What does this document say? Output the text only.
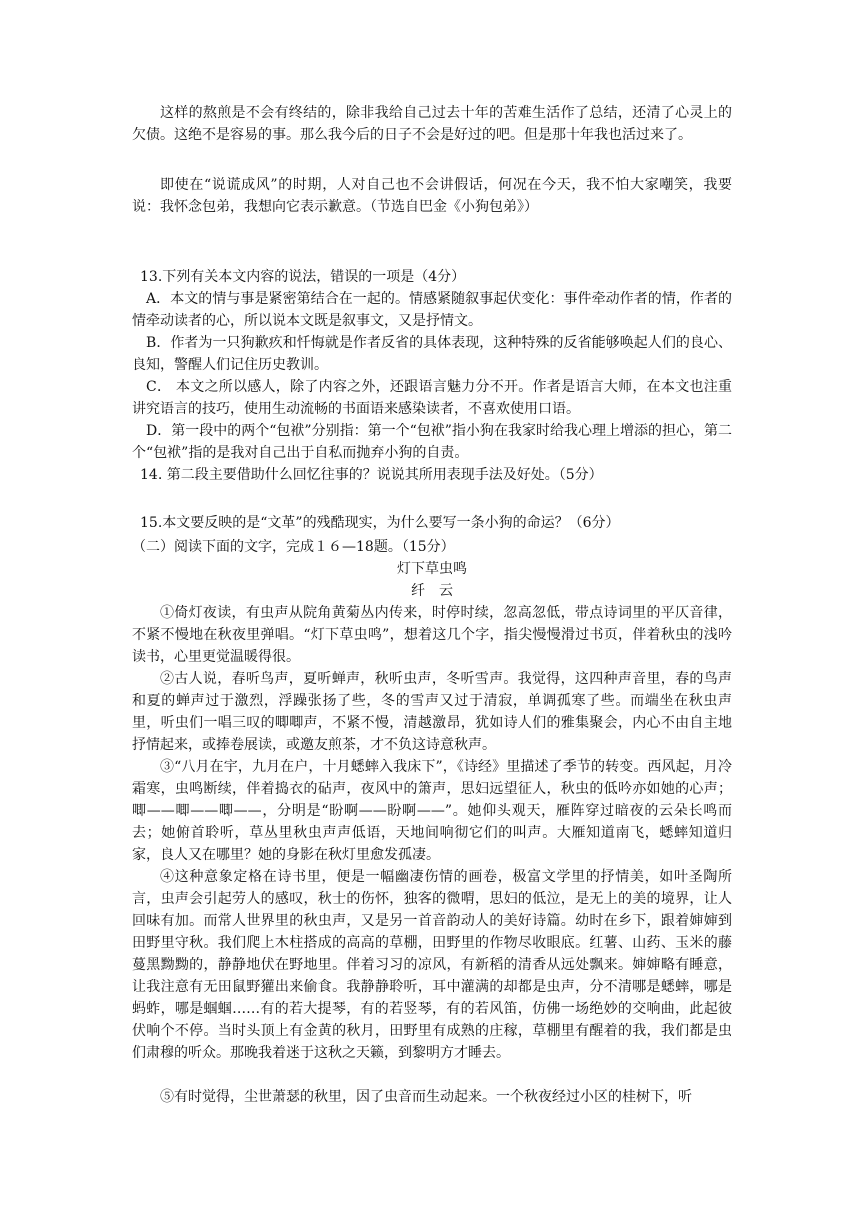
这样的熬煎是不会有终结的，除非我给自己过去十年的苦难生活作了总结，还清了心灵上的欠债。这绝不是容易的事。那么我今后的日子不会是好过的吧。但是那十年我也活过来了。

即使在“说谎成风”的时期，人对自己也不会讲假话，何况在今天，我不怕大家嘲笑，我要说：我怀念包弟，我想向它表示歉意。（节选自巴金《小狗包弟》）

13.下列有关本文内容的说法，错误的一项是（4分）

A．本文的情与事是紧密第结合在一起的。情感紧随叙事起伏变化：事件牵动作者的情，作者的情牵动读者的心，所以说本文既是叙事文，又是抒情文。

B．作者为一只狗歉疚和忏悔就是作者反省的具体表现，这种特殊的反省能够唤起人们的良心、良知，警醒人们记住历史教训。

C． 本文之所以感人，除了内容之外，还跟语言魅力分不开。作者是语言大师，在本文也注重讲究语言的技巧，使用生动流畅的书面语来感染读者，不喜欢使用口语。

D．第一段中的两个“包袱”分别指：第一个“包袱”指小狗在我家时给我心理上增添的担心，第二个“包袱”指的是我对自己出于自私而抛弃小狗的自责。

14. 第二段主要借助什么回忆往事的？说说其所用表现手法及好处。（5分）

15.本文要反映的是“文革”的残酷现实，为什么要写一条小狗的命运？（6分）

（二）阅读下面的文字，完成１６—18题。（15分）

灯下草虫鸣

纤　云

①倚灯夜读，有虫声从院角黄菊丛内传来，时停时续，忽高忽低，带点诗词里的平仄音律，不紧不慢地在秋夜里弹唱。“灯下草虫鸣”，想着这几个字，指尖慢慢滑过书页，伴着秋虫的浅吟读书，心里更觉温暖得很。

②古人说，春听鸟声，夏听蝉声，秋听虫声，冬听雪声。我觉得，这四种声音里，春的鸟声和夏的蝉声过于激烈，浮躁张扬了些，冬的雪声又过于清寂，单调孤寒了些。而端坐在秋虫声里，听虫们一唱三叹的唧唧声，不紧不慢，清越激昂，犹如诗人们的雅集聚会，内心不由自主地抒情起来，或捧卷展读，或邀友煎茶，才不负这诗意秋声。

③“八月在宇，九月在户，十月蟋蟀入我床下”，《诗经》里描述了季节的转变。西风起，月冷霜寒，虫鸣断续，伴着捣衣的砧声，夜风中的箫声，思妇远望征人，秋虫的低吟亦如她的心声；唧——唧——唧——，分明是“盼啊——盼啊——”。她仰头观天，雁阵穿过暗夜的云朵长鸣而去；她俯首聆听，草丛里秋虫声声低语，天地间响彻它们的叫声。大雁知道南飞，蟋蟀知道归家，良人又在哪里？她的身影在秋灯里愈发孤凄。

④这种意象定格在诗书里，便是一幅幽凄伤情的画卷，极富文学里的抒情美，如叶圣陶所言，虫声会引起劳人的感叹，秋士的伤怀，独客的微喟，思妇的低泣，是无上的美的境界，让人回味有加。而常人世界里的秋虫声，又是另一首音韵动人的美好诗篇。幼时在乡下，跟着婶婶到田野里守秋。我们爬上木柱搭成的高高的草棚，田野里的作物尽收眼底。红薯、山药、玉米的藤蔓黑黝黝的，静静地伏在野地里。伴着习习的凉风，有新稻的清香从远处飘来。婶婶略有睡意，让我注意有无田鼠野獾出来偷食。我静静聆听，耳中灌满的却都是虫声，分不清哪是蟋蟀，哪是蚂蚱，哪是蝈蝈……有的若大提琴，有的若竖琴，有的若风笛，仿佛一场绝妙的交响曲，此起彼伏响个不停。当时头顶上有金黄的秋月，田野里有成熟的庄稼，草棚里有醒着的我，我们都是虫们肃穆的听众。那晚我着迷于这秋之天籁，到黎明方才睡去。

⑤有时觉得，尘世萧瑟的秋里，因了虫音而生动起来。一个秋夜经过小区的桂树下，听
